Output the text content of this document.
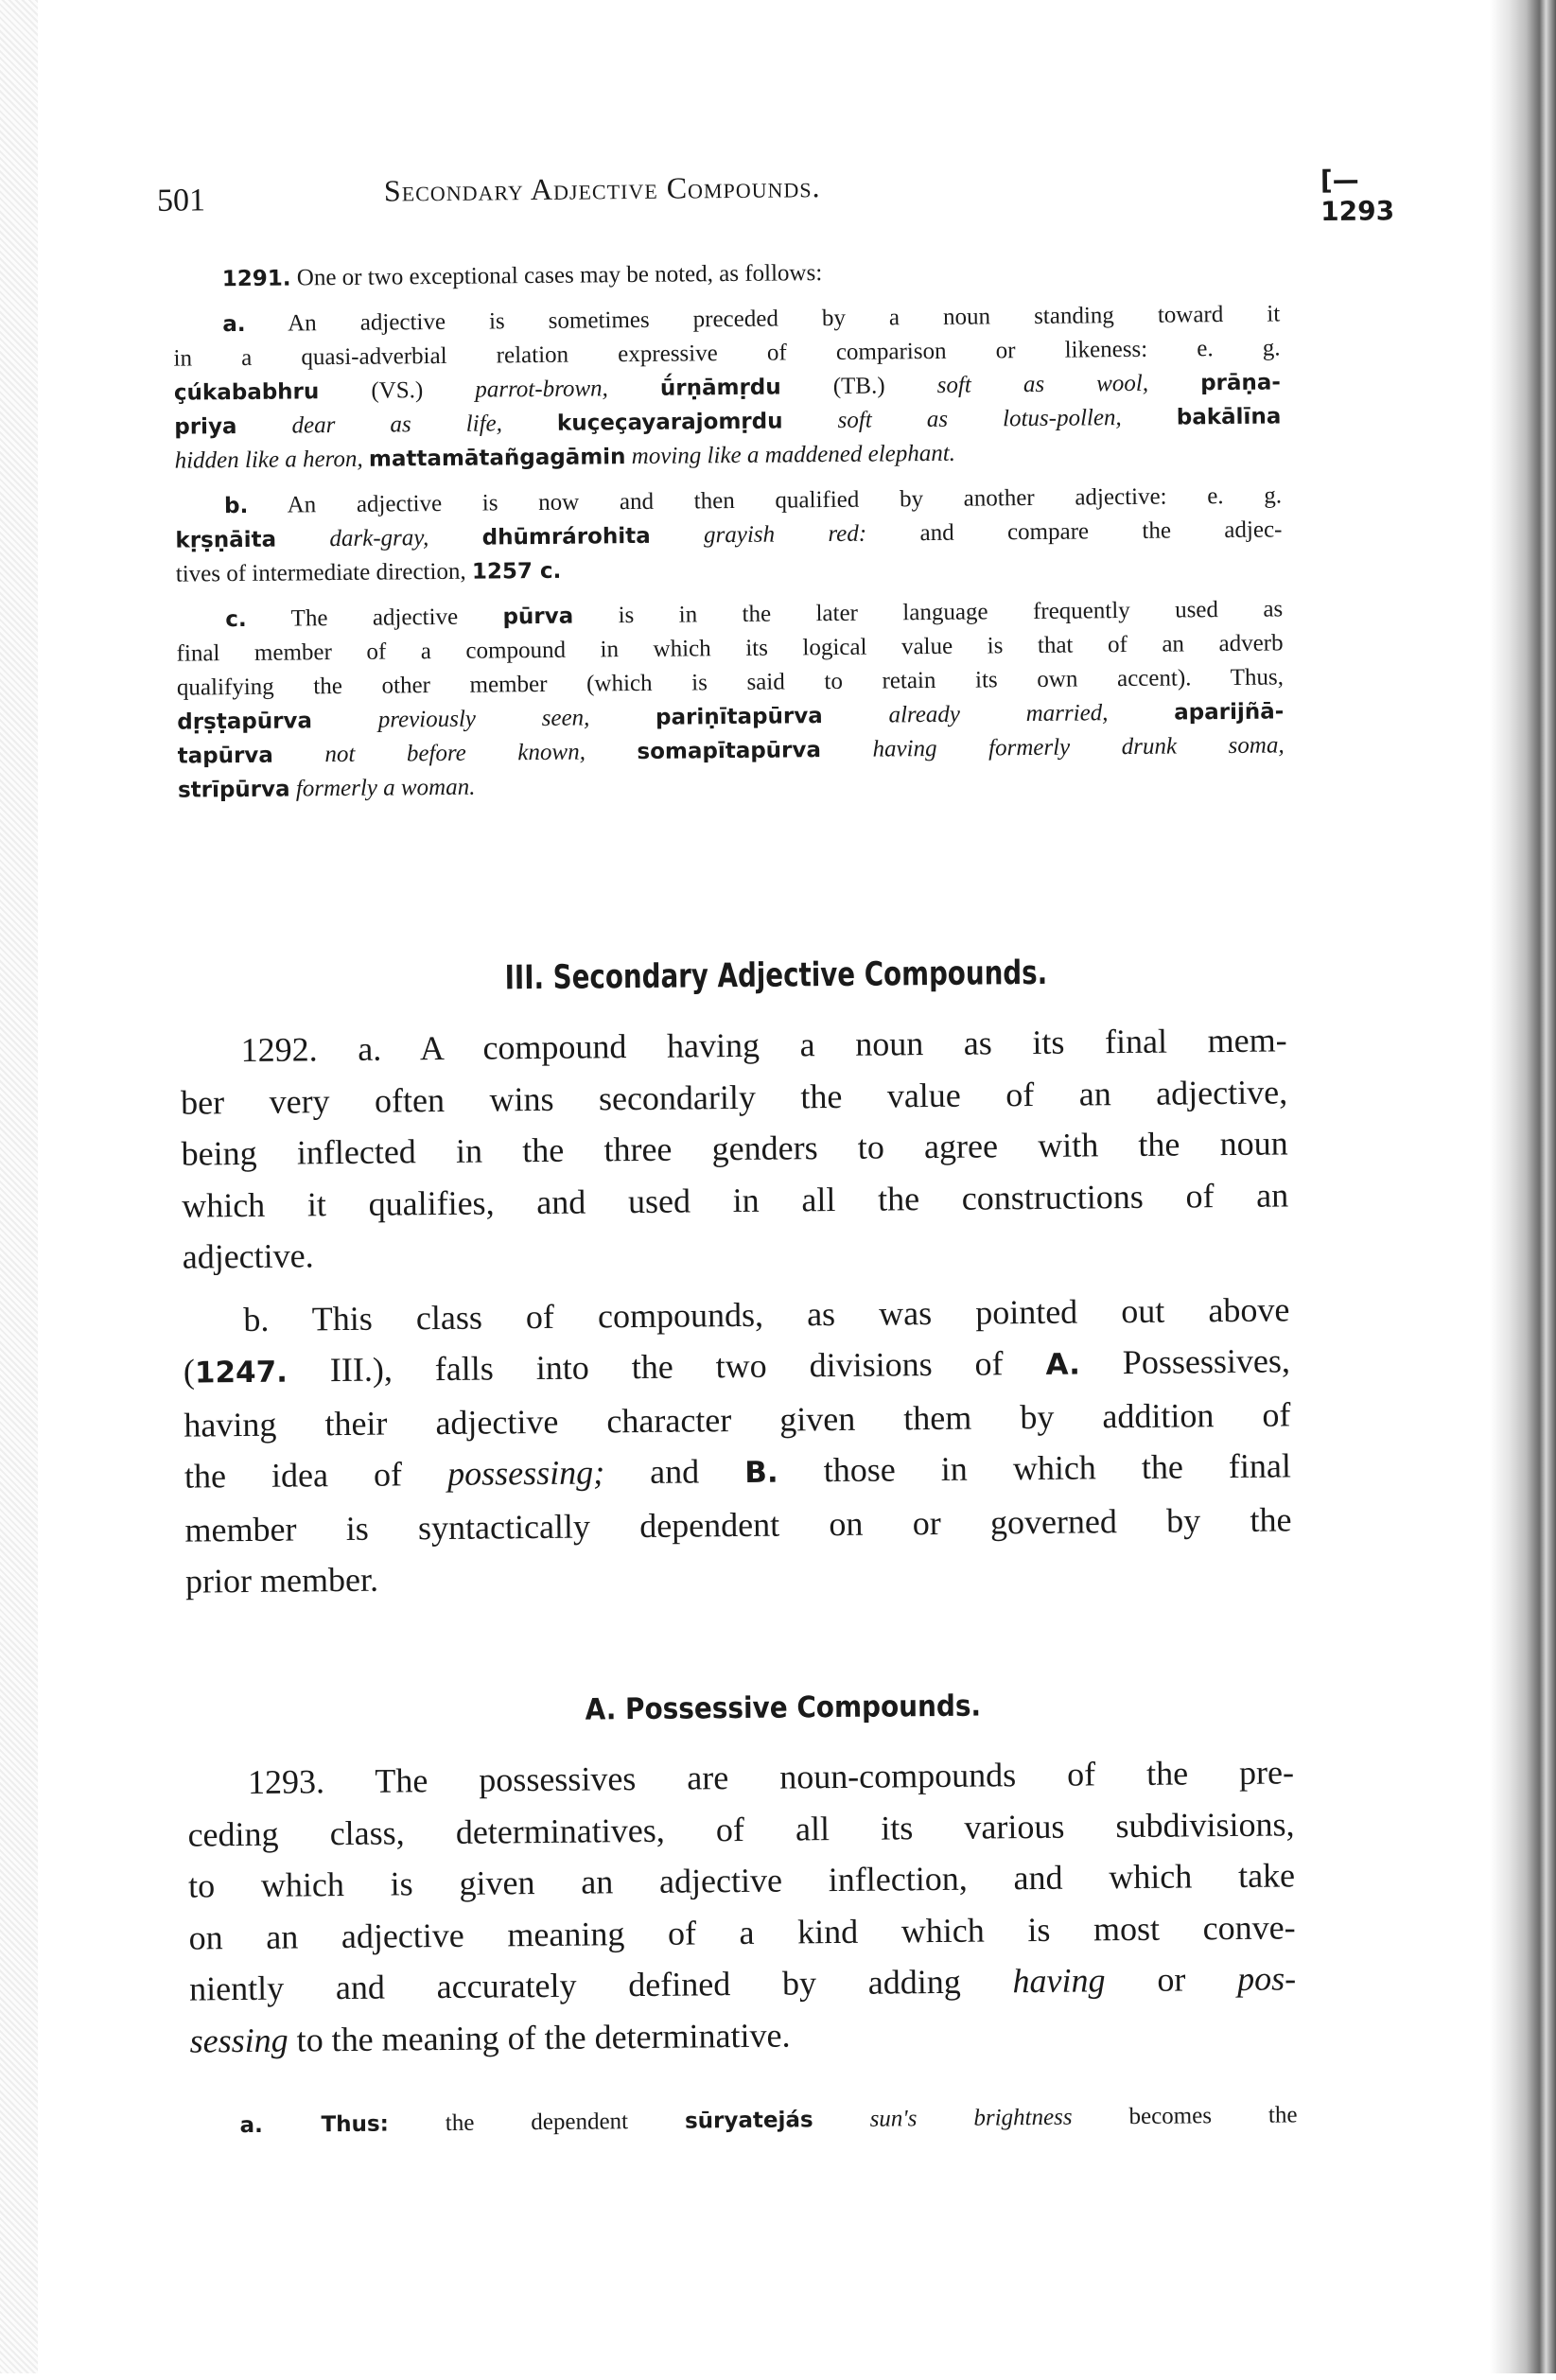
501	Secondary Adjective Compounds.	[—1293
1291. One or two exceptional cases may be noted, as follows:
a. An adjective is sometimes preceded by a noun standing toward it
in a quasi-adverbial relation expressive of comparison or likeness: e. g.
çúkababhru (VS.) parrot-brown, ū́rṇāmṛdu (TB.) soft as wool, prāṇa-
priya dear as life,	kuçeçayarajomṛdu soft as lotus-pollen,	bakālīna
hidden like a heron, mattamātañgagāmin moving like a maddened elephant.
b. An adjective is now and then qualified by another adjective: e. g.
kṛṣṇāita dark-gray, dhūmrárohita grayish red: and compare the adjec-
tives of intermediate direction, 1257 c.
c. The adjective pūrva is in the later language frequently used as
final member of a compound in which its logical value is that of an adverb
qualifying the other member (which is said to retain its own accent). Thus,
dṛṣṭapūrva	previously seen,	pariṇītapūrva	already married,	aparijñā-
tapūrva not before known, somapītapūrva having formerly drunk soma,
strīpūrva formerly a woman.
III. Secondary Adjective Compounds.
1292. a. A compound having a noun as its final mem-
ber very often wins secondarily the value of an adjective,
being inflected in the three genders to agree with the noun
which it qualifies, and used in all the constructions of an
adjective.
b. This class of compounds, as was pointed out above
(1247. III.), falls into the two divisions of A. Possessives,
having their adjective character given them by addition of
the idea of possessing; and B. those in which the final
member is syntactically dependent on or governed by the
prior member.
A. Possessive Compounds.
1293. The possessives are noun-compounds of the pre-
ceding class, determinatives, of all its various subdivisions,
to which is given an adjective inflection, and which take
on an adjective meaning of a kind which is most conve-
niently and accurately defined by adding having or pos-
sessing to the meaning of the determinative.
a. Thus: the dependent sūryatejás sun's brightness becomes the
